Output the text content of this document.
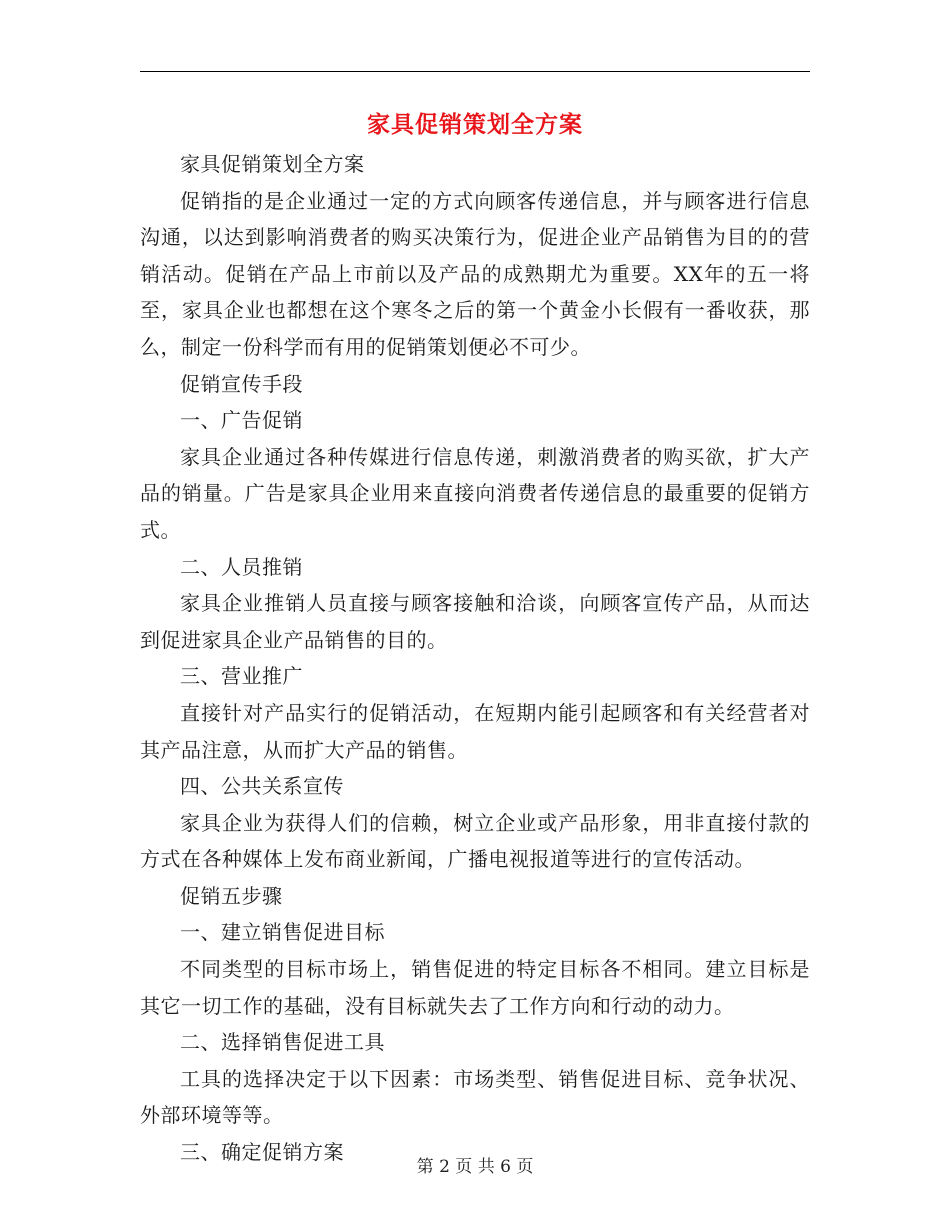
家具促销策划全方案

家具促销策划全方案

促销指的是企业通过一定的方式向顾客传递信息，并与顾客进行信息沟通，以达到影响消费者的购买决策行为，促进企业产品销售为目的的营销活动。促销在产品上市前以及产品的成熟期尤为重要。XX年的五一将至，家具企业也都想在这个寒冬之后的第一个黄金小长假有一番收获，那么，制定一份科学而有用的促销策划便必不可少。

促销宣传手段

一、广告促销

家具企业通过各种传媒进行信息传递，刺激消费者的购买欲，扩大产品的销量。广告是家具企业用来直接向消费者传递信息的最重要的促销方式。

二、人员推销

家具企业推销人员直接与顾客接触和洽谈，向顾客宣传产品，从而达到促进家具企业产品销售的目的。

三、营业推广

直接针对产品实行的促销活动，在短期内能引起顾客和有关经营者对其产品注意，从而扩大产品的销售。

四、公共关系宣传

家具企业为获得人们的信赖，树立企业或产品形象，用非直接付款的方式在各种媒体上发布商业新闻，广播电视报道等进行的宣传活动。

促销五步骤

一、建立销售促进目标

不同类型的目标市场上，销售促进的特定目标各不相同。建立目标是其它一切工作的基础，没有目标就失去了工作方向和行动的动力。

二、选择销售促进工具

工具的选择决定于以下因素：市场类型、销售促进目标、竞争状况、外部环境等等。

三、确定促销方案

第 2 页 共 6 页
